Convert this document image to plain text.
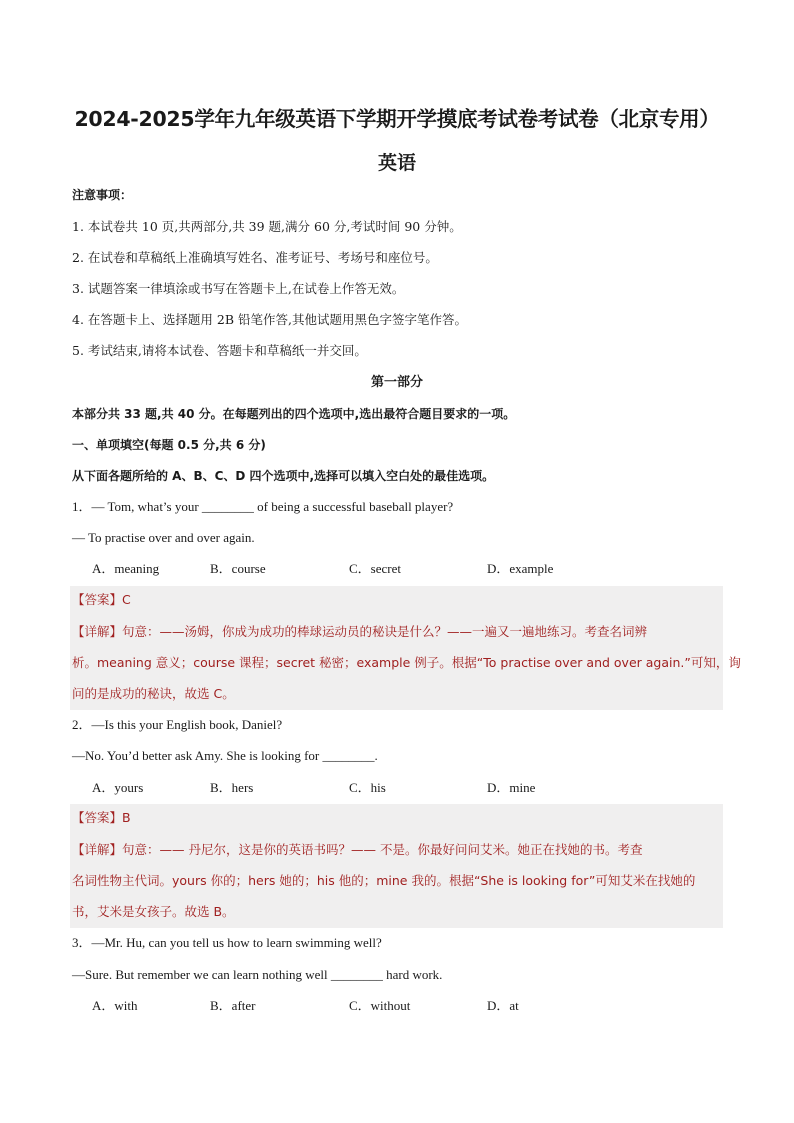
2024-2025学年九年级英语下学期开学摸底考试卷考试卷（北京专用）
英语
注意事项：
1. 本试卷共 10 页,共两部分,共 39 题,满分 60 分,考试时间 90 分钟。
2. 在试卷和草稿纸上准确填写姓名、准考证号、考场号和座位号。
3. 试题答案一律填涂或书写在答题卡上,在试卷上作答无效。
4. 在答题卡上、选择题用 2B 铅笔作答,其他试题用黑色字签字笔作答。
5. 考试结束,请将本试卷、答题卡和草稿纸一并交回。
第一部分
本部分共 33 题,共 40 分。在每题列出的四个选项中,选出最符合题目要求的一项。
一、单项填空(每题 0.5 分,共 6 分)
从下面各题所给的 A、B、C、D 四个选项中,选择可以填入空白处的最佳选项。
1．— Tom, what’s your ________ of being a successful baseball player?
— To practise over and over again.
A．meaning	B．course	C．secret	D．example
【答案】C
【详解】句意：——汤姆，你成为成功的棒球运动员的秘诀是什么？——一遍又一遍地练习。考查名词辨
析。meaning 意义；course 课程；secret 秘密；example 例子。根据“To practise over and over again.”可知，询
问的是成功的秘诀，故选 C。
2．—Is this your English book, Daniel?
—No. You’d better ask Amy. She is looking for ________.
A．yours	B．hers	C．his	D．mine
【答案】B
【详解】句意：—— 丹尼尔，这是你的英语书吗？—— 不是。你最好问问艾米。她正在找她的书。考查
名词性物主代词。yours 你的；hers 她的；his 他的；mine 我的。根据“She is looking for”可知艾米在找她的
书，艾米是女孩子。故选 B。
3．—Mr. Hu, can you tell us how to learn swimming well?
—Sure. But remember we can learn nothing well ________ hard work.
A．with	B．after	C．without	D．at
